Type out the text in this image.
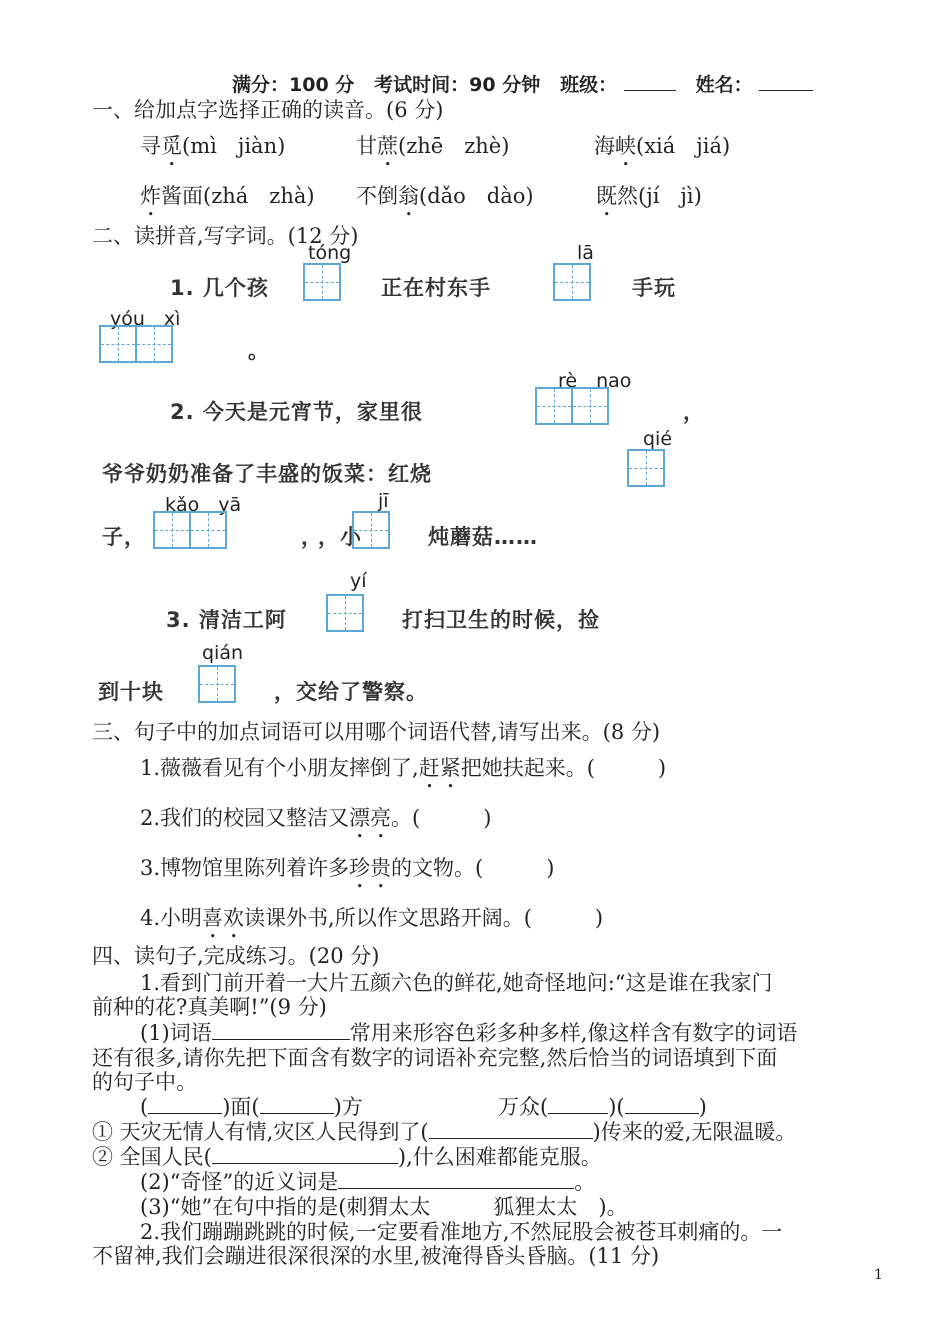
满分：100 分 考试时间：90 分钟 班级：	姓名：
一、给加点字选择正确的读音。(6 分)
寻觅(mì　jiàn)	甘蔗(zhē　zhè)	海峡(xiá　jiá)
炸酱面(zhá　zhà) 不倒翁(dǎo　dào)	既然(jí　jì)
二、读拼音,写字词。(12 分)
tóng
1. 几个孩	正在村东手
lā
手玩
yóu　xì
。
rè　nao
2. 今天是元宵节，家里很	，
qié
爷爷奶奶准备了丰盛的饭菜：红烧
kǎo　yā
子，	，
，小
jī
炖蘑菇……
yí
3. 清洁工阿	打扫卫生的时候，捡
qián
到十块	，交给了警察。
三、句子中的加点词语可以用哪个词语代替,请写出来。(8 分)
1.薇薇看见有个小朋友摔倒了,赶紧把她扶起来。(　　　)
2.我们的校园又整洁又漂亮。(　　　)
3.博物馆里陈列着许多珍贵的文物。(　　　)
4.小明喜欢读课外书,所以作文思路开阔。(　　　)
四、读句子,完成练习。(20 分)
1.看到门前开着一大片五颜六色的鲜花,她奇怪地问:“这是谁在我家门
前种的花?真美啊!”(9 分)
(1)词语	常用来形容色彩多种多样,像这样含有数字的词语
还有很多,请你先把下面含有数字的词语补充完整,然后恰当的词语填到下面
的句子中。
(	)面(	)方	万众(	)(	)
① 天灾无情人有情,灾区人民得到了(	)传来的爱,无限温暖。
② 全国人民(	),什么困难都能克服。
(2)“奇怪”的近义词是	。
(3)“她”在句中指的是(刺猬太太　　　狐狸太太　)。
2.我们蹦蹦跳跳的时候,一定要看准地方,不然屁股会被苍耳刺痛的。一
不留神,我们会蹦进很深很深的水里,被淹得昏头昏脑。(11 分)
1
